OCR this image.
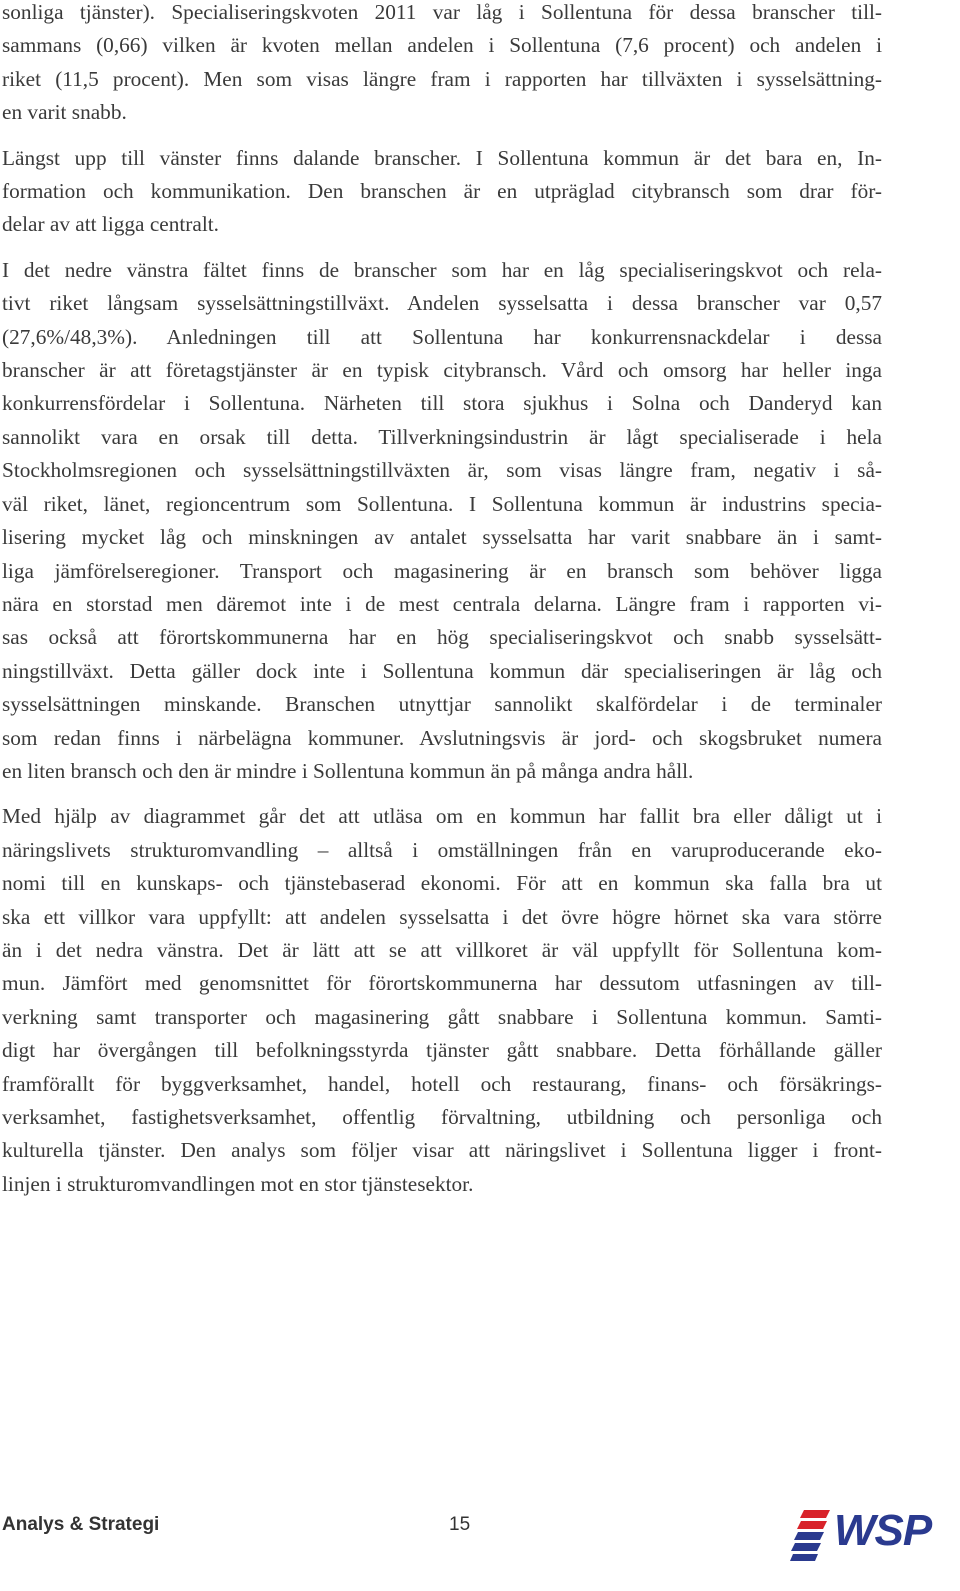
sonliga tjänster). Specialiseringskvoten 2011 var låg i Sollentuna för dessa branscher till-
sammans (0,66) vilken är kvoten mellan andelen i Sollentuna (7,6 procent) och andelen i
riket (11,5 procent). Men som visas längre fram i rapporten har tillväxten i sysselsättning-
en varit snabb.
Längst upp till vänster finns dalande branscher. I Sollentuna kommun är det bara en, In-
formation och kommunikation. Den branschen är en utpräglad citybransch som drar för-
delar av att ligga centralt.
I det nedre vänstra fältet finns de branscher som har en låg specialiseringskvot och rela-
tivt riket långsam sysselsättningstillväxt. Andelen sysselsatta i dessa branscher var 0,57
(27,6%/48,3%). Anledningen till att Sollentuna har konkurrensnackdelar i dessa
branscher är att företagstjänster är en typisk citybransch. Vård och omsorg har heller inga
konkurrensfördelar i Sollentuna. Närheten till stora sjukhus i Solna och Danderyd kan
sannolikt vara en orsak till detta. Tillverkningsindustrin är lågt specialiserade i hela
Stockholmsregionen och sysselsättningstillväxten är, som visas längre fram, negativ i så-
väl riket, länet, regioncentrum som Sollentuna. I Sollentuna kommun är industrins specia-
lisering mycket låg och minskningen av antalet sysselsatta har varit snabbare än i samt-
liga jämförelseregioner. Transport och magasinering är en bransch som behöver ligga
nära en storstad men däremot inte i de mest centrala delarna. Längre fram i rapporten vi-
sas också att förortskommunerna har en hög specialiseringskvot och snabb sysselsätt-
ningstillväxt. Detta gäller dock inte i Sollentuna kommun där specialiseringen är låg och
sysselsättningen minskande. Branschen utnyttjar sannolikt skalfördelar i de terminaler
som redan finns i närbelägna kommuner. Avslutningsvis är jord- och skogsbruket numera
en liten bransch och den är mindre i Sollentuna kommun än på många andra håll.
Med hjälp av diagrammet går det att utläsa om en kommun har fallit bra eller dåligt ut i
näringslivets strukturomvandling – alltså i omställningen från en varuproducerande eko-
nomi till en kunskaps- och tjänstebaserad ekonomi. För att en kommun ska falla bra ut
ska ett villkor vara uppfyllt: att andelen sysselsatta i det övre högre hörnet ska vara större
än i det nedra vänstra. Det är lätt att se att villkoret är väl uppfyllt för Sollentuna kom-
mun. Jämfört med genomsnittet för förortskommunerna har dessutom utfasningen av till-
verkning samt transporter och magasinering gått snabbare i Sollentuna kommun. Samti-
digt har övergången till befolkningsstyrda tjänster gått snabbare. Detta förhållande gäller
framförallt för byggverksamhet, handel, hotell och restaurang, finans- och försäkrings-
verksamhet, fastighetsverksamhet, offentlig förvaltning, utbildning och personliga och
kulturella tjänster. Den analys som följer visar att näringslivet i Sollentuna ligger i front-
linjen i strukturomvandlingen mot en stor tjänstesektor.
Analys & Strategi	15	WSP
